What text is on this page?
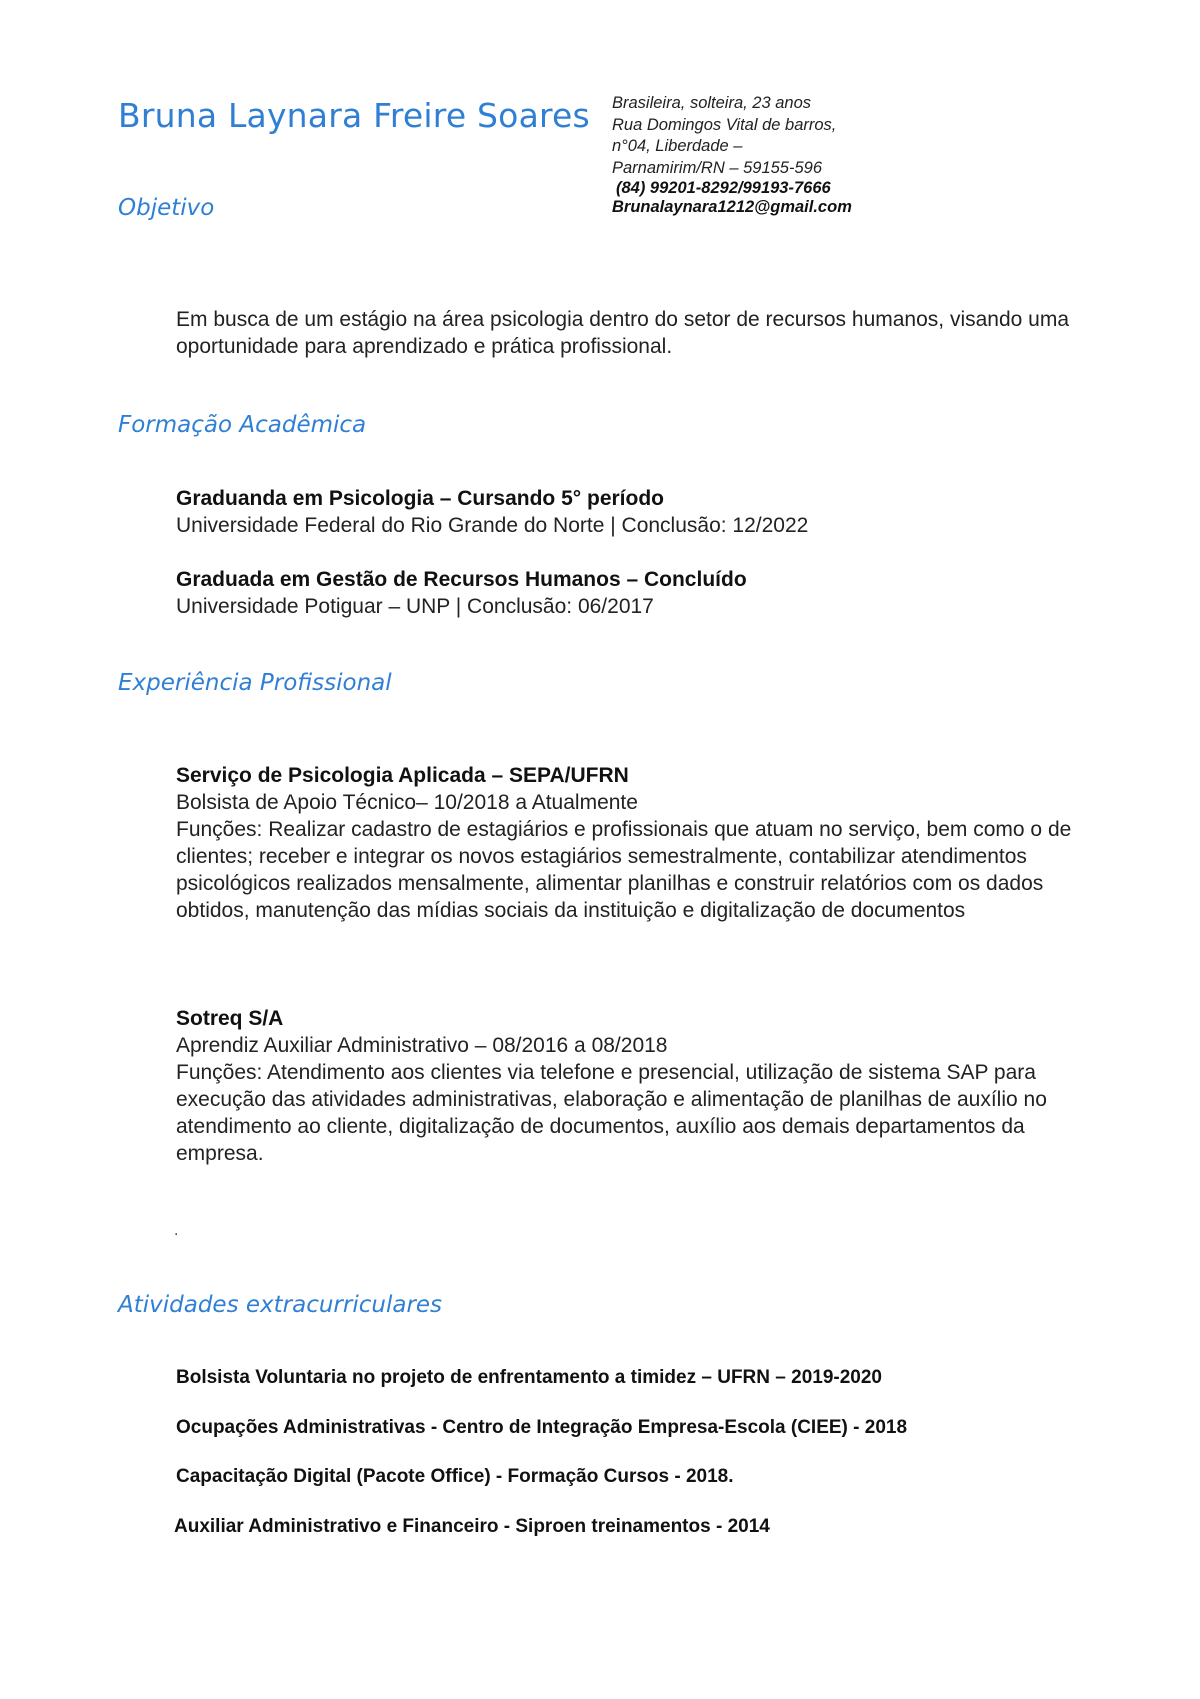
Bruna Laynara Freire Soares Brasileira, solteira, 23 anos
Rua Domingos Vital de barros,
n°04, Liberdade –
Parnamirim/RN – 59155-596
(84) 99201-8292/99193-7666
Brunalaynara1212@gmail.com
Objetivo
Em busca de um estágio na área psicologia dentro do setor de recursos humanos, visando uma oportunidade para aprendizado e prática profissional.
Formação Acadêmica
Graduanda em Psicologia – Cursando 5° período
Universidade Federal do Rio Grande do Norte | Conclusão: 12/2022
Graduada em Gestão de Recursos Humanos – Concluído
Universidade Potiguar – UNP | Conclusão: 06/2017
Experiência Profissional
Serviço de Psicologia Aplicada – SEPA/UFRN
Bolsista de Apoio Técnico– 10/2018 a Atualmente
Funções: Realizar cadastro de estagiários e profissionais que atuam no serviço, bem como o de clientes; receber e integrar os novos estagiários semestralmente, contabilizar atendimentos psicológicos realizados mensalmente, alimentar planilhas e construir relatórios com os dados obtidos, manutenção das mídias sociais da instituição e digitalização de documentos
Sotreq S/A
Aprendiz Auxiliar Administrativo – 08/2016 a 08/2018
Funções: Atendimento aos clientes via telefone e presencial, utilização de sistema SAP para execução das atividades administrativas, elaboração e alimentação de planilhas de auxílio no atendimento ao cliente, digitalização de documentos, auxílio aos demais departamentos da empresa.
.
Atividades extracurriculares
Bolsista Voluntaria no projeto de enfrentamento a timidez – UFRN – 2019-2020
Ocupações Administrativas - Centro de Integração Empresa-Escola (CIEE) - 2018
Capacitação Digital (Pacote Office) - Formação Cursos - 2018.
Auxiliar Administrativo e Financeiro - Siproen treinamentos - 2014
